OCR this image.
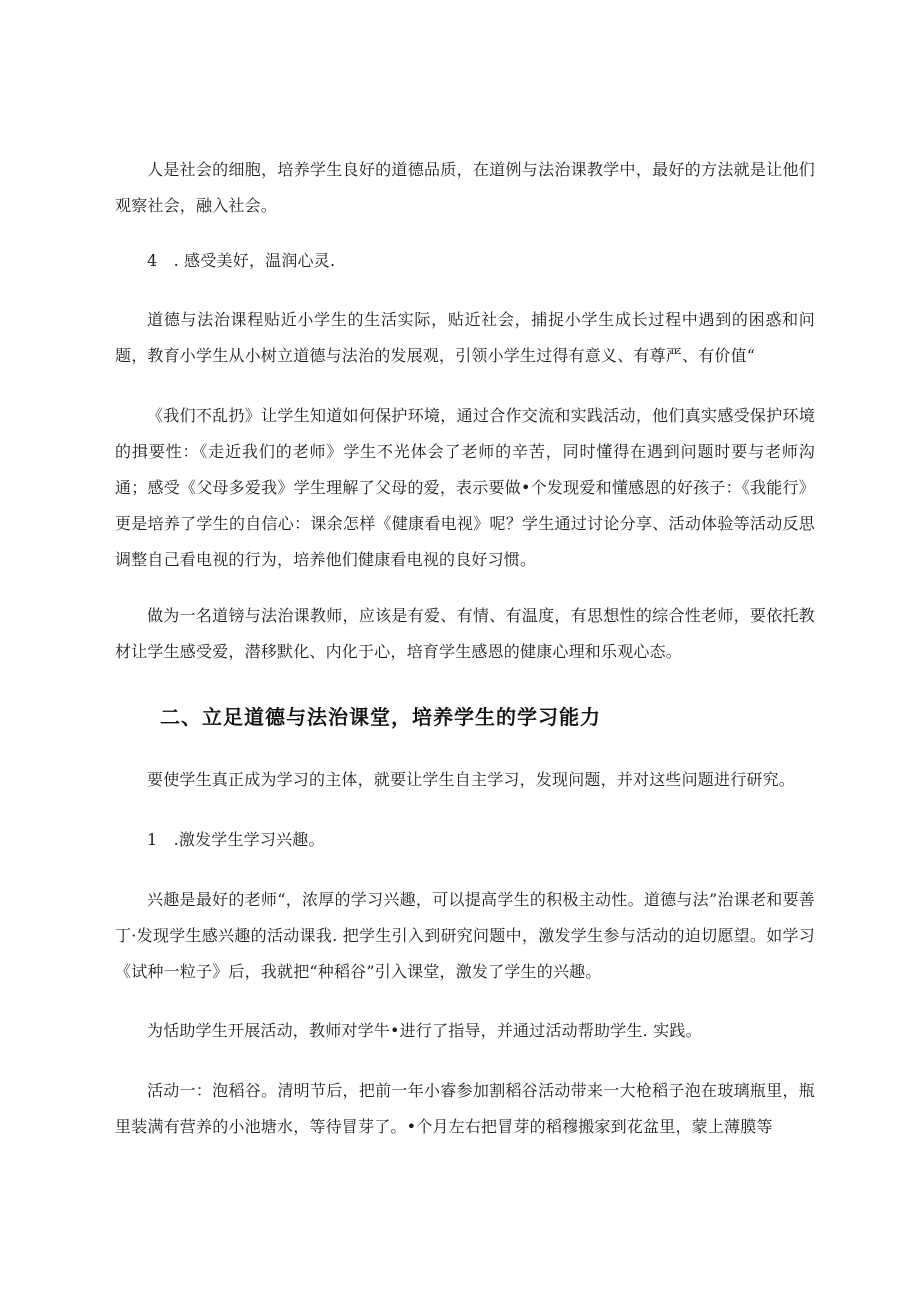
人是社会的细胞，培养学生良好的道德品质，在道例与法治课教学中，最好的方法就是让他们观察社会，融入社会。

4　. 感受美好，温润心灵.

道德与法治课程贴近小学生的生活实际，贴近社会，捕捉小学生成长过程中遇到的困惑和问题，教育小学生从小树立道德与法治的发展观，引领小学生过得有意义、有尊严、有价值“

《我们不乱扔》让学生知道如何保护环境，通过合作交流和实践活动，他们真实感受保护环境的揖要性：《走近我们的老师》学生不光体会了老师的辛苦，同时懂得在遇到问题时要与老师沟通；感受《父母多爱我》学生理解了父母的爱，表示要做•个发现爱和懂感恩的好孩子：《我能行》更是培养了学生的自信心：课余怎样《健康看电视》呢？学生通过讨论分享、活动体验等活动反思调整自己看电视的行为，培养他们健康看电视的良好习惯。

做为一名道镑与法治课教师，应该是有爱、有情、有温度，有思想性的综合性老师，要依托教材让学生感受爱，潜移默化、内化于心，培育学生感恩的健康心理和乐观心态。

二、立足道德与法治课堂，培养学生的学习能力

要使学生真正成为学习的主体，就要让学生自主学习，发现问题，并对这些问题进行研究。

1　.激发学生学习兴趣。

兴趣是最好的老师“，浓厚的学习兴趣，可以提高学生的积极主动性。道德与法”治课老和要善丁·发现学生感兴趣的活动课我. 把学生引入到研究问题中，激发学生参与活动的迫切愿望。如学习《试种一粒子》后，我就把“种稻谷”引入课堂，激发了学生的兴趣。

为恬助学生开展活动，教师对学牛•进行了指导，并通过活动帮助学生. 实践。

活动一：泡稻谷。清明节后，把前一年小睿参加割稻谷活动带来一大枪稻子泡在玻璃瓶里，瓶里装满有营养的小池塘水，等待冒芽了。•个月左右把冒芽的稻穆搬家到花盆里，蒙上薄膜等
